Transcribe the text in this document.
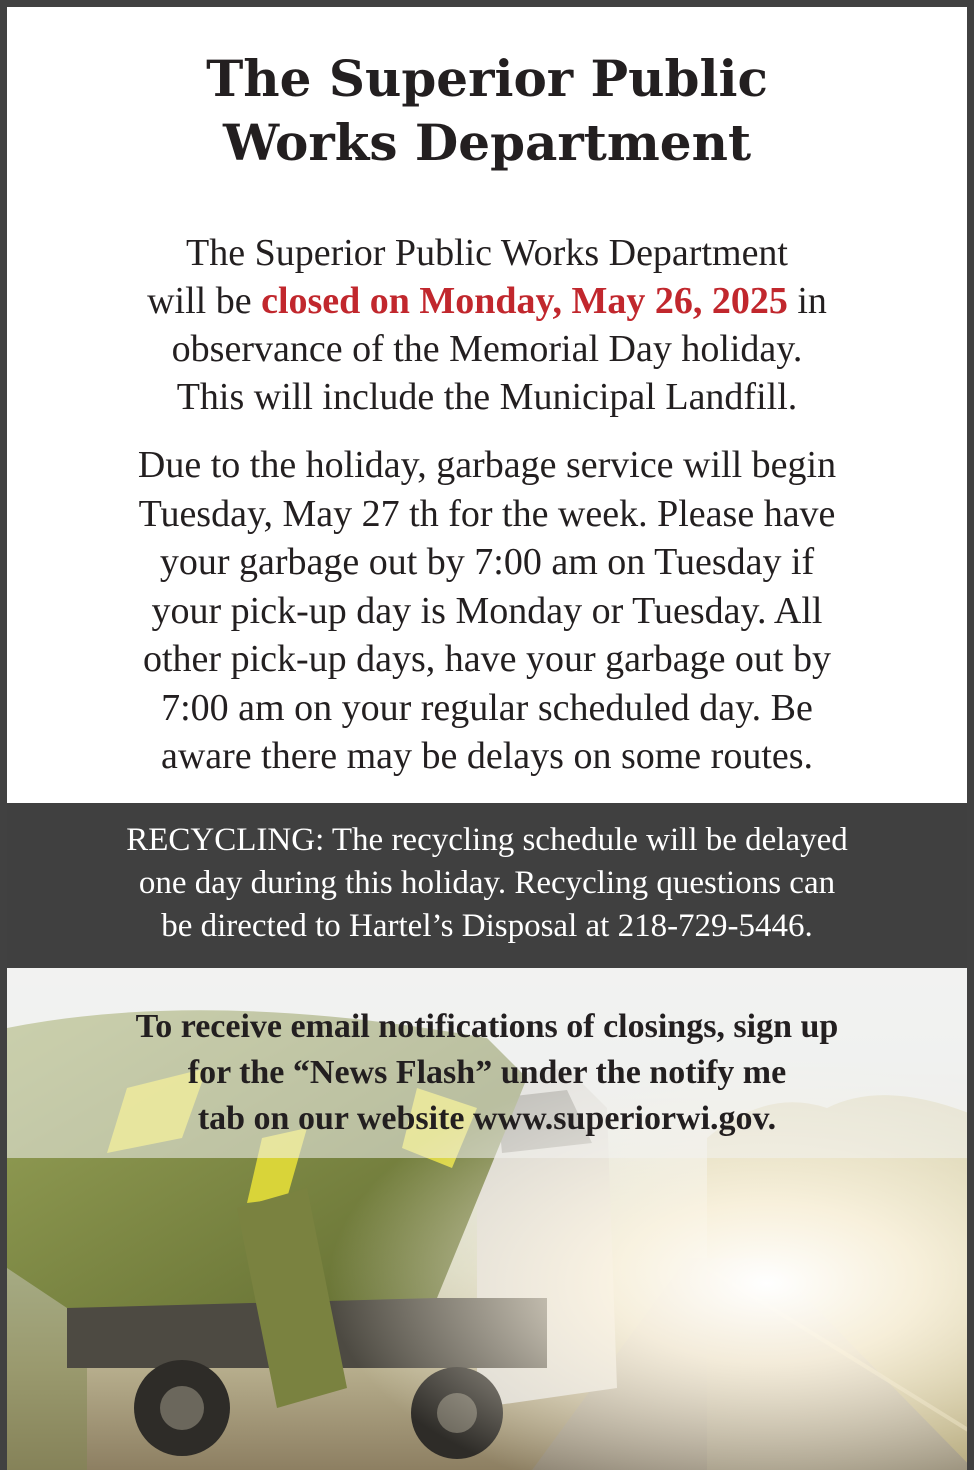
The Superior Public
Works Department
The Superior Public Works Department
will be closed on Monday, May 26, 2025 in
observance of the Memorial Day holiday.
This will include the Municipal Landfill.
Due to the holiday, garbage service will begin
Tuesday, May 27 th for the week. Please have
your garbage out by 7:00 am on Tuesday if
your pick-up day is Monday or Tuesday. All
other pick-up days, have your garbage out by
7:00 am on your regular scheduled day. Be
aware there may be delays on some routes.
RECYCLING: The recycling schedule will be delayed
one day during this holiday. Recycling questions can
be directed to Hartel’s Disposal at 218-729-5446.
To receive email notifications of closings, sign up
for the “News Flash” under the notify me
tab on our website www.superiorwi.gov.
